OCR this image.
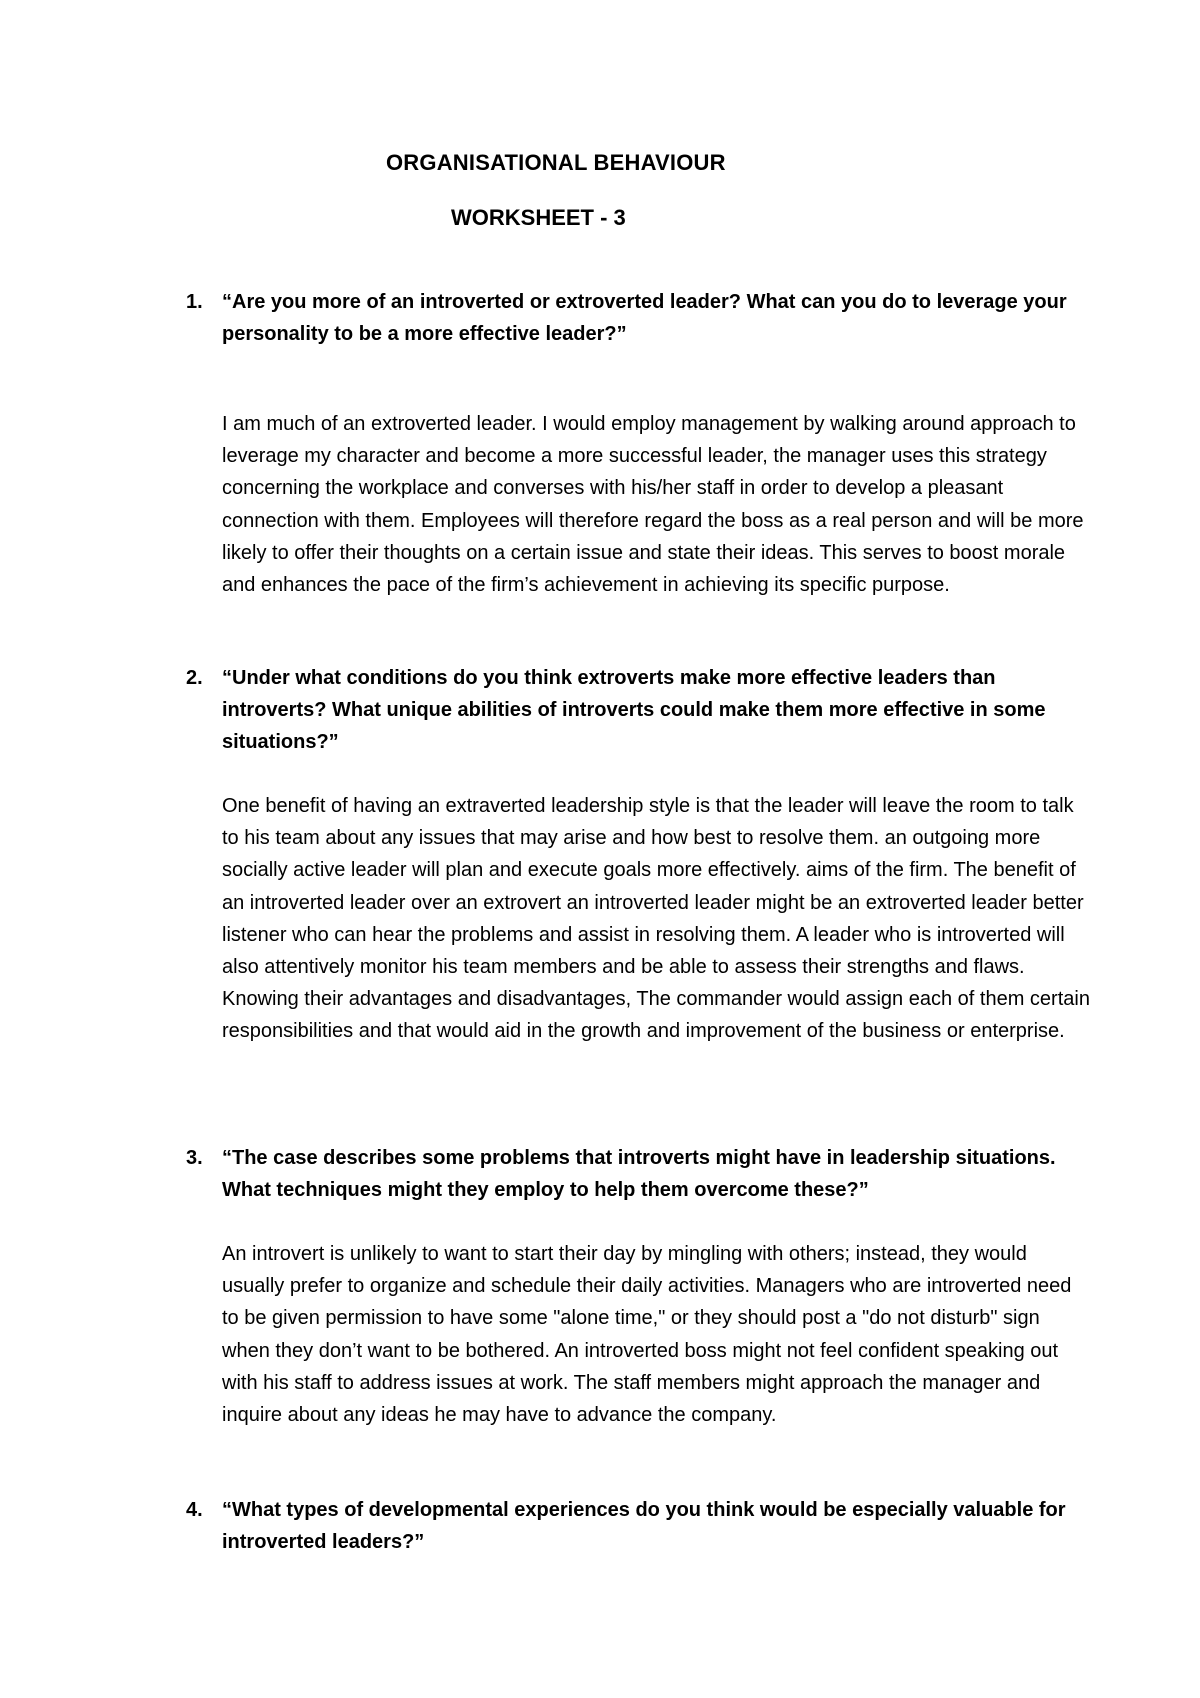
ORGANISATIONAL BEHAVIOUR
WORKSHEET - 3
1. “Are you more of an introverted or extroverted leader? What can you do to leverage your personality to be a more effective leader?”
I am much of an extroverted leader. I would employ management by walking around approach to leverage my character and become a more successful leader, the manager uses this strategy concerning the workplace and converses with his/her staff in order to develop a pleasant connection with them. Employees will therefore regard the boss as a real person and will be more likely to offer their thoughts on a certain issue and state their ideas. This serves to boost morale and enhances the pace of the firm’s achievement in achieving its specific purpose.
2. “Under what conditions do you think extroverts make more effective leaders than introverts? What unique abilities of introverts could make them more effective in some situations?”
One benefit of having an extraverted leadership style is that the leader will leave the room to talk to his team about any issues that may arise and how best to resolve them. an outgoing more socially active leader will plan and execute goals more effectively. aims of the firm. The benefit of an introverted leader over an extrovert an introverted leader might be an extroverted leader better listener who can hear the problems and assist in resolving them. A leader who is introverted will also attentively monitor his team members and be able to assess their strengths and flaws. Knowing their advantages and disadvantages, The commander would assign each of them certain responsibilities and that would aid in the growth and improvement of the business or enterprise.
3. “The case describes some problems that introverts might have in leadership situations. What techniques might they employ to help them overcome these?”
An introvert is unlikely to want to start their day by mingling with others; instead, they would usually prefer to organize and schedule their daily activities. Managers who are introverted need to be given permission to have some "alone time," or they should post a "do not disturb" sign when they don’t want to be bothered. An introverted boss might not feel confident speaking out with his staff to address issues at work. The staff members might approach the manager and inquire about any ideas he may have to advance the company.
4. “What types of developmental experiences do you think would be especially valuable for introverted leaders?”
